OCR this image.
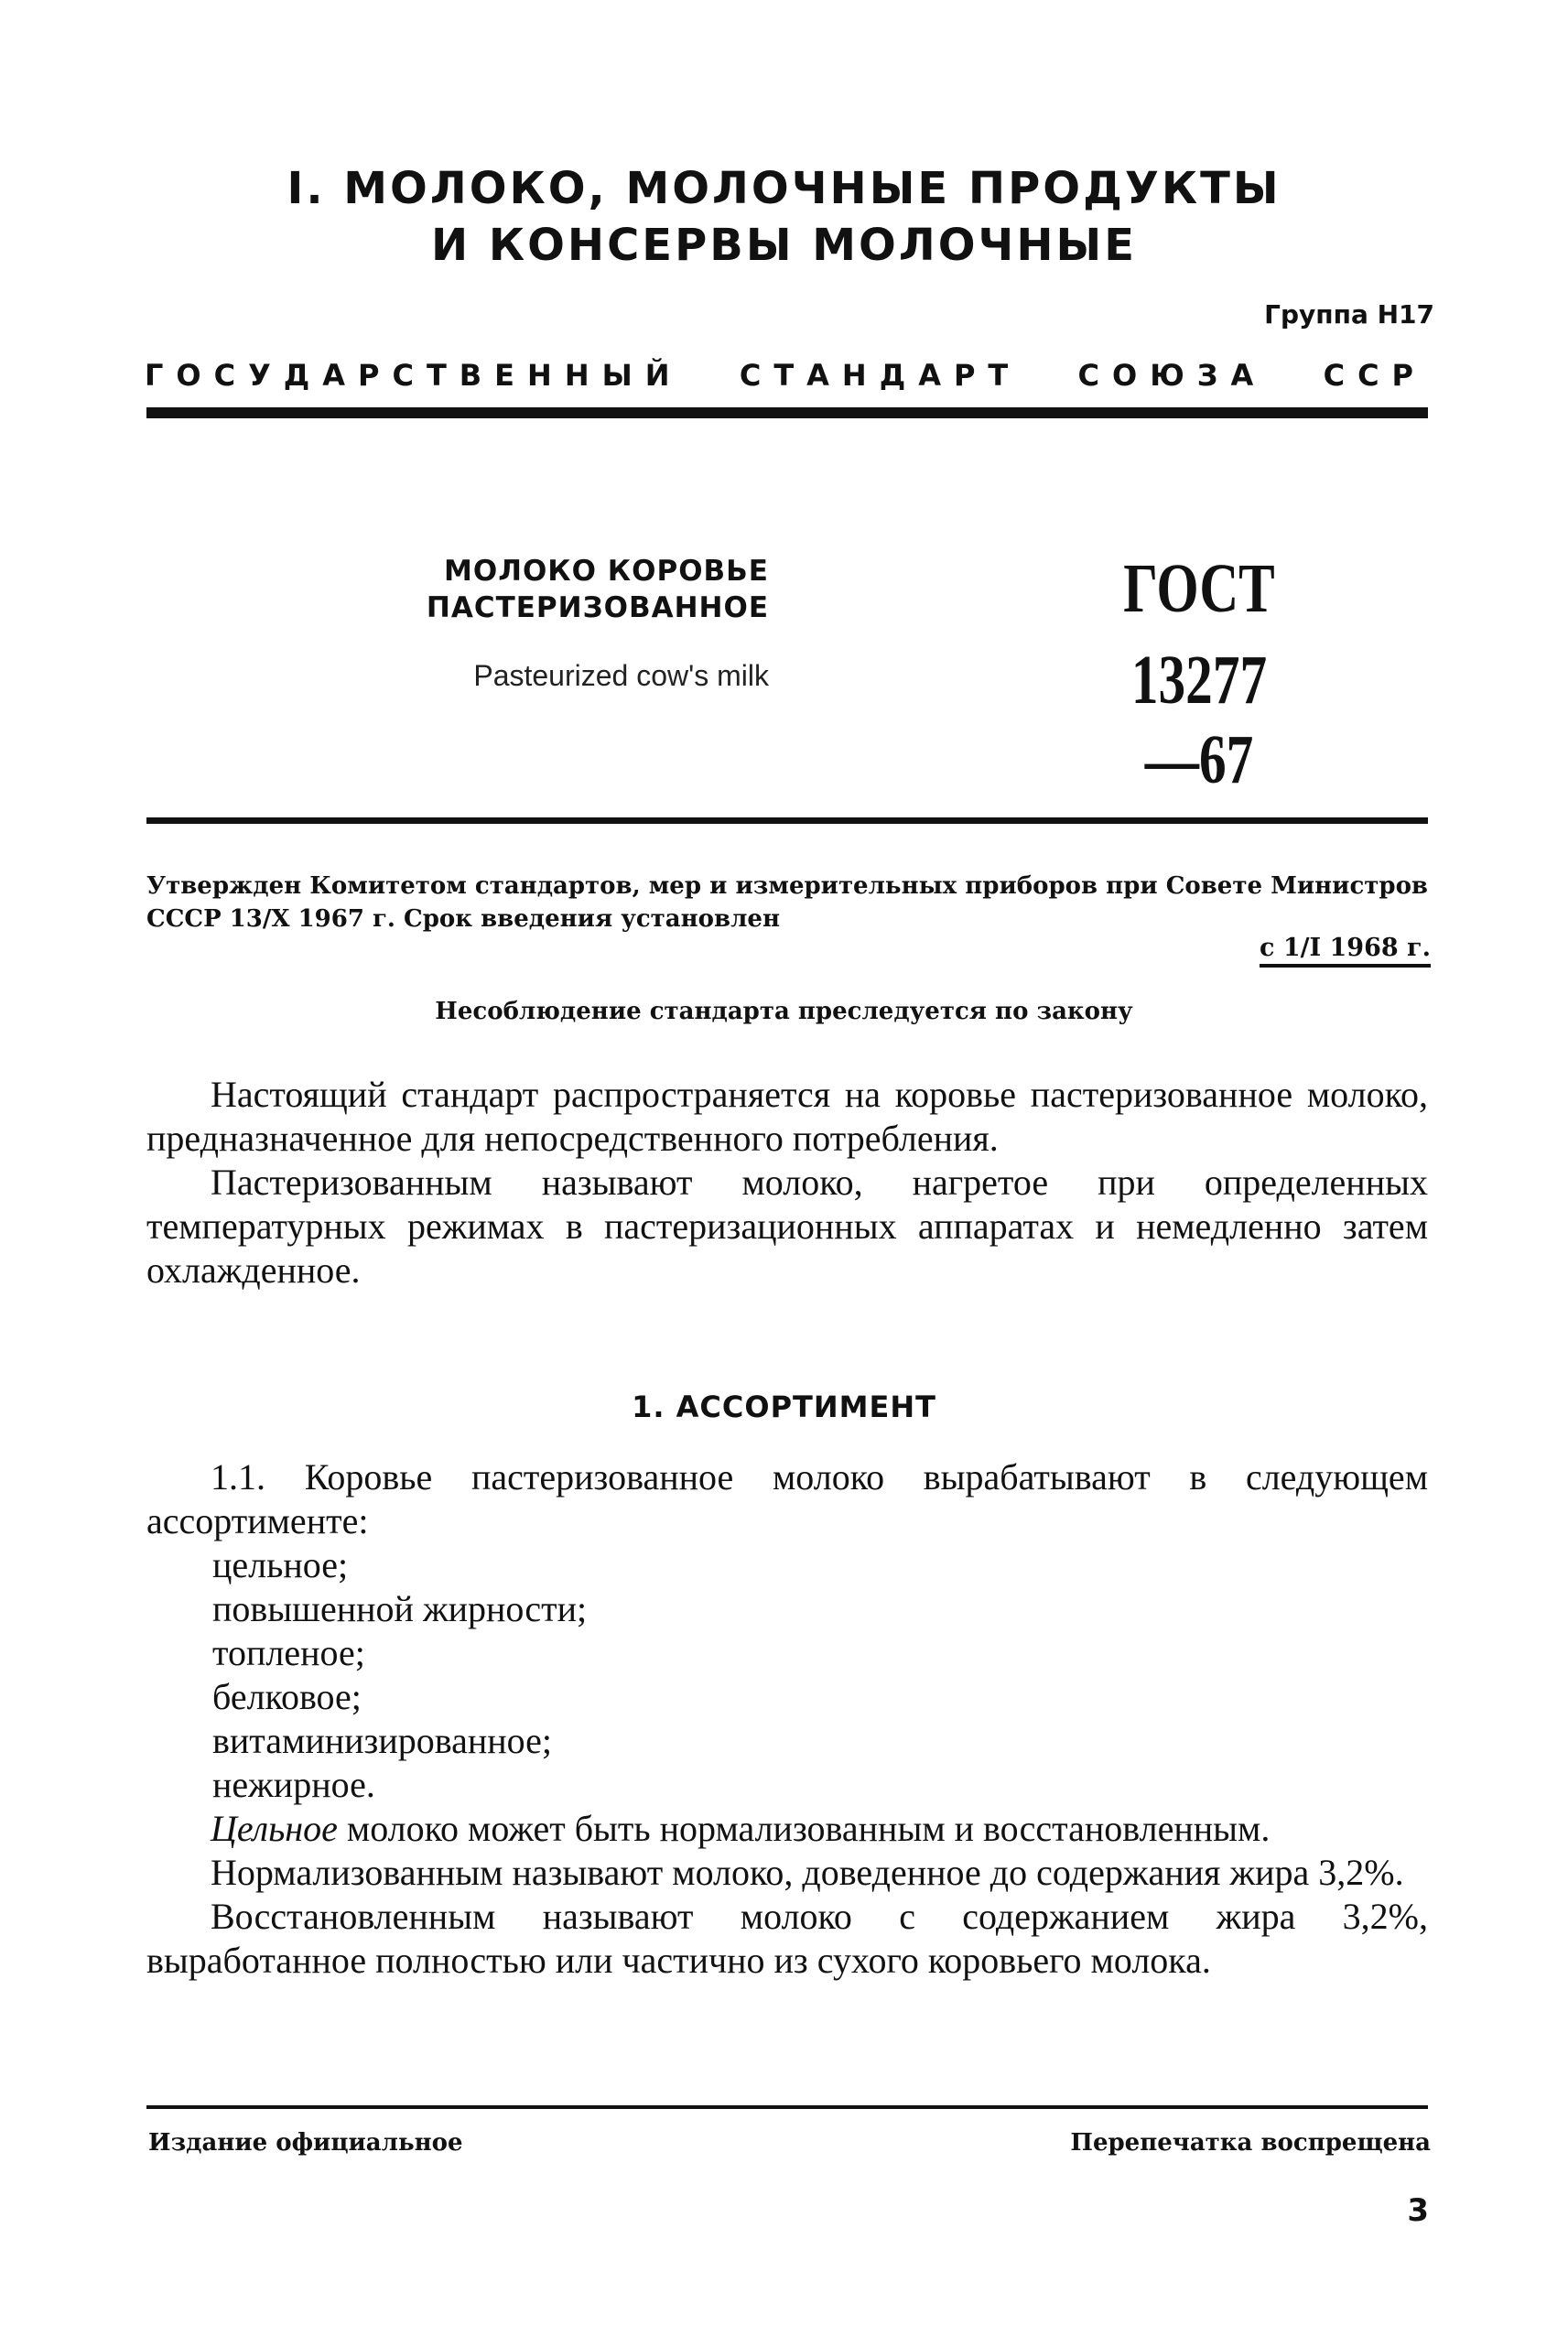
I. МОЛОКО, МОЛОЧНЫЕ ПРОДУКТЫ
И КОНСЕРВЫ МОЛОЧНЫЕ
Группа Н17
ГОСУДАРСТВЕННЫЙ СТАНДАРТ СОЮЗА ССР
МОЛОКО КОРОВЬЕ
ПАСТЕРИЗОВАННОЕ
Pasteurized cow's milk
ГОСТ
13277—67
Утвержден Комитетом стандартов, мер и измерительных приборов при Совете Министров СССР 13/X 1967 г. Срок введения установлен
с 1/I 1968 г.
Несоблюдение стандарта преследуется по закону

Настоящий стандарт распространяется на коровье пастеризованное молоко, предназначенное для непосредственного потребления.

Пастеризованным называют молоко, нагретое при определенных температурных режимах в пастеризационных аппаратах и немедленно затем охлажденное.

1. АССОРТИМЕНТ

1.1. Коровье пастеризованное молоко вырабатывают в следующем ассортименте:

цельное;
повышенной жирности;
топленое;
белковое;
витаминизированное;
нежирное.

Цельное молоко может быть нормализованным и восстановленным.

Нормализованным называют молоко, доведенное до содержания жира 3,2%.

Восстановленным называют молоко с содержанием жира 3,2%, выработанное полностью или частично из сухого коровьего молока.

Издание официальное	Перепечатка воспрещена
3
